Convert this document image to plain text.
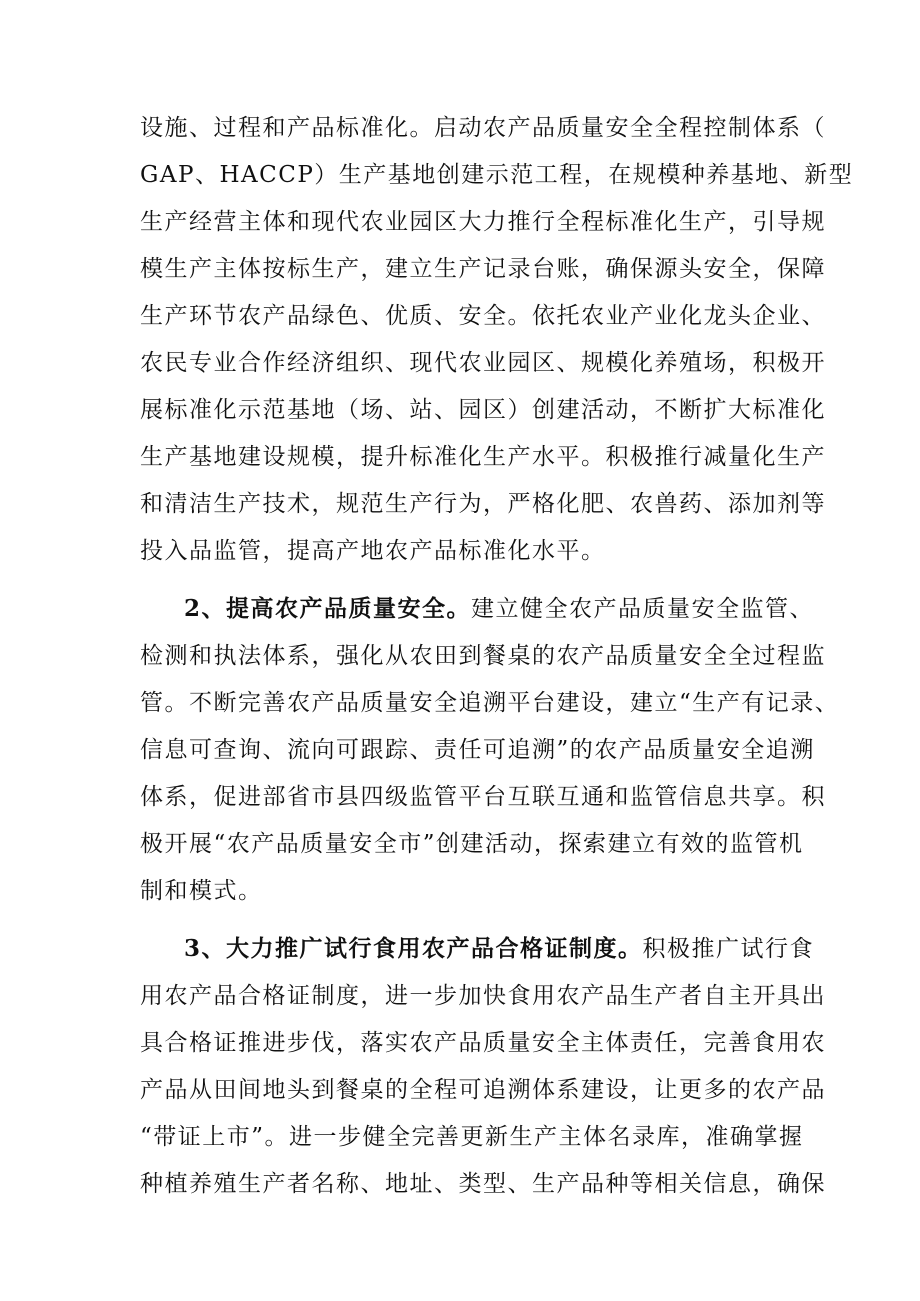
设施、过程和产品标准化。启动农产品质量安全全程控制体系（
GAP、HACCP）生产基地创建示范工程，在规模种养基地、新型
生产经营主体和现代农业园区大力推行全程标准化生产，引导规
模生产主体按标生产，建立生产记录台账，确保源头安全，保障
生产环节农产品绿色、优质、安全。依托农业产业化龙头企业、
农民专业合作经济组织、现代农业园区、规模化养殖场，积极开
展标准化示范基地（场、站、园区）创建活动，不断扩大标准化
生产基地建设规模，提升标准化生产水平。积极推行减量化生产
和清洁生产技术，规范生产行为，严格化肥、农兽药、添加剂等
投入品监管，提高产地农产品标准化水平。
2、提高农产品质量安全。建立健全农产品质量安全监管、
检测和执法体系，强化从农田到餐桌的农产品质量安全全过程监
管。不断完善农产品质量安全追溯平台建设，建立“生产有记录、
信息可查询、流向可跟踪、责任可追溯”的农产品质量安全追溯
体系，促进部省市县四级监管平台互联互通和监管信息共享。积
极开展“农产品质量安全市”创建活动，探索建立有效的监管机
制和模式。
3、大力推广试行食用农产品合格证制度。积极推广试行食
用农产品合格证制度，进一步加快食用农产品生产者自主开具出
具合格证推进步伐，落实农产品质量安全主体责任，完善食用农
产品从田间地头到餐桌的全程可追溯体系建设，让更多的农产品
“带证上市”。进一步健全完善更新生产主体名录库，准确掌握
种植养殖生产者名称、地址、类型、生产品种等相关信息，确保
